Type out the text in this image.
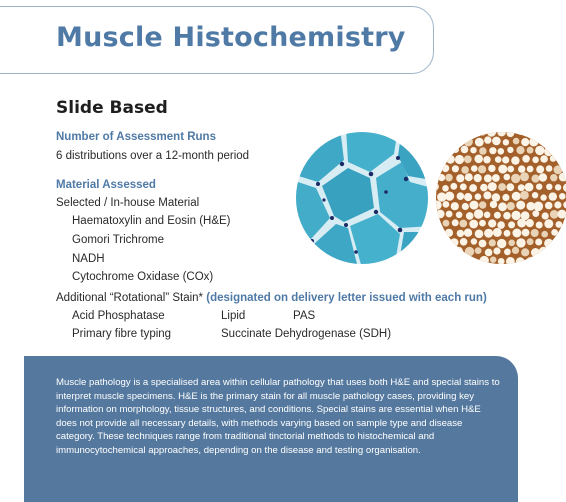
Muscle Histochemistry
Slide Based
Number of Assessment Runs
6 distributions over a 12-month period
Material Assessed
Selected / In-house Material
Haematoxylin and Eosin (H&E)
Gomori Trichrome
NADH
Cytochrome Oxidase (COx)
Additional “Rotational” Stain* (designated on delivery letter issued with each run)
Acid Phosphatase	Lipid	PAS
Primary fibre typing	Succinate Dehydrogenase (SDH)

Muscle pathology is a specialised area within cellular pathology that uses both H&E and special stains to interpret muscle specimens. H&E is the primary stain for all muscle pathology cases, providing key information on morphology, tissue structures, and conditions. Special stains are essential when H&E does not provide all necessary details, with methods varying based on sample type and disease category. These techniques range from traditional tinctorial methods to histochemical and immunocytochemical approaches, depending on the disease and testing organisation.
